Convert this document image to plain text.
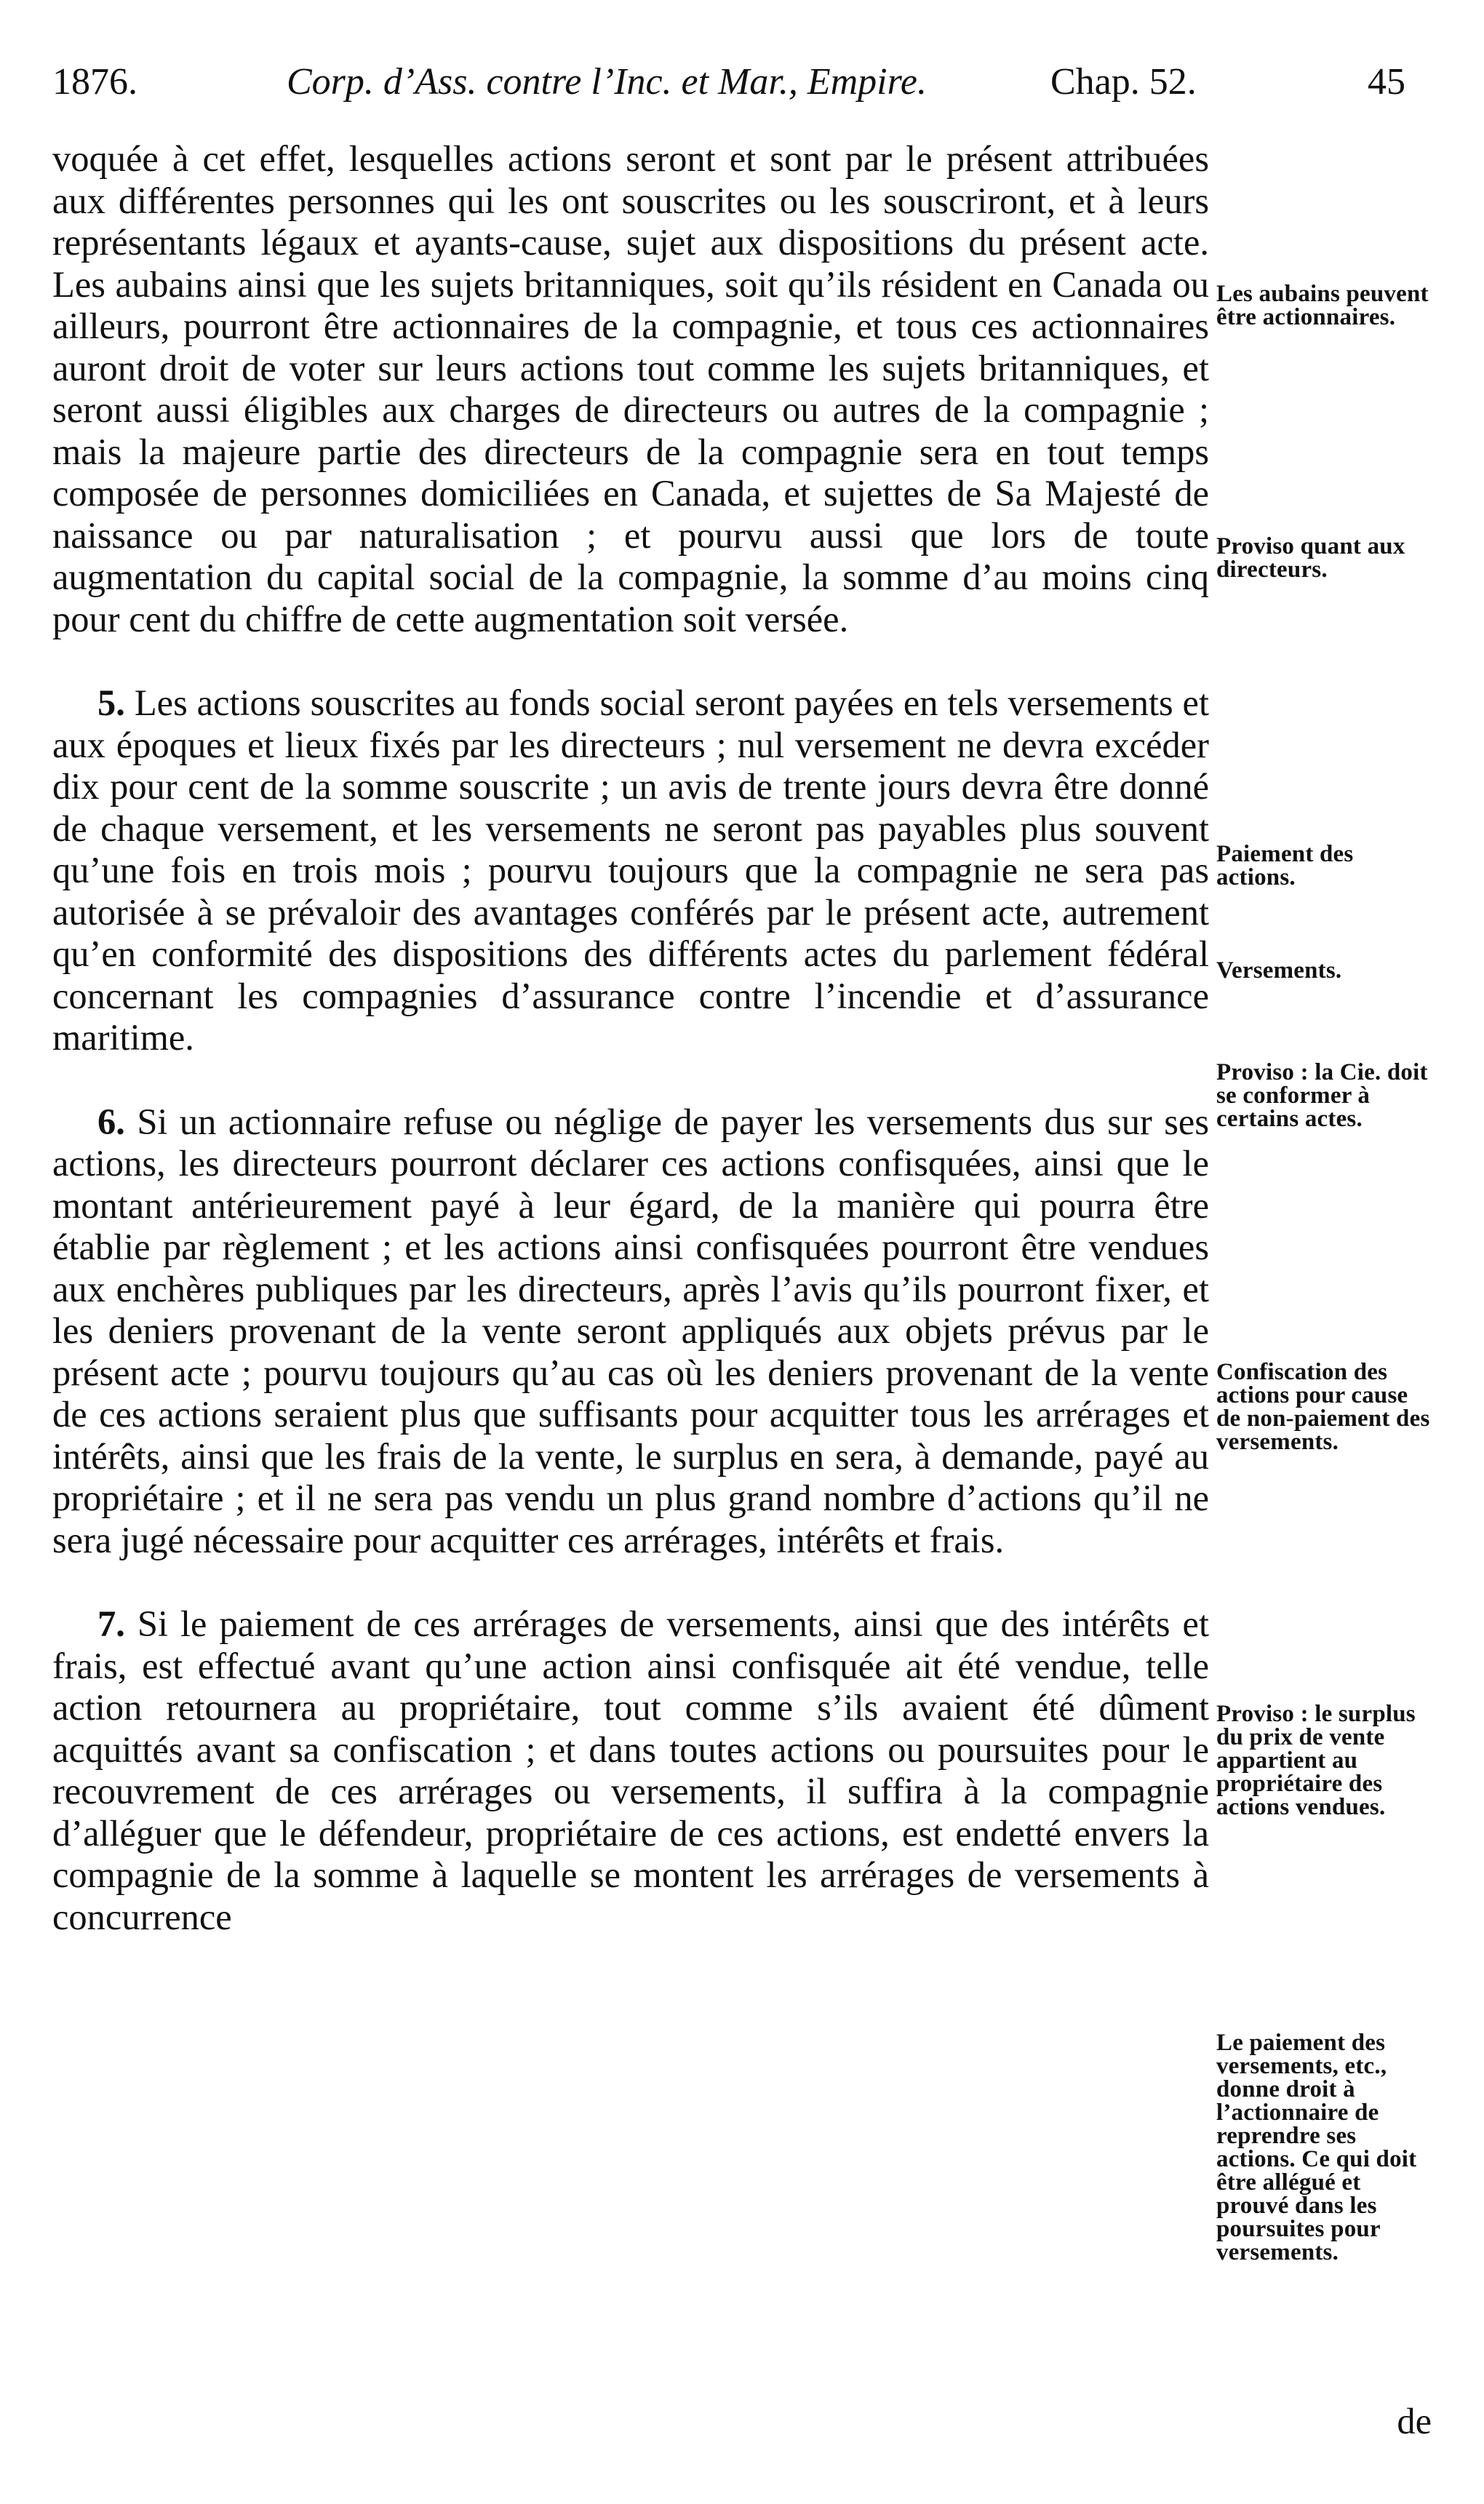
1876.	Corp. d’Ass. contre l’Inc. et Mar., Empire.	Chap. 52.	45

voquée à cet effet, lesquelles actions seront et sont par le présent attribuées aux différentes personnes qui les ont souscrites ou les souscriront, et à leurs représentants légaux et ayants-cause, sujet aux dispositions du présent acte. Les aubains ainsi que les sujets britanniques, soit qu’ils résident en Canada ou ailleurs, pourront être actionnaires de la compagnie, et tous ces actionnaires auront droit de voter sur leurs actions tout comme les sujets britanniques, et seront aussi éligibles aux charges de directeurs ou autres de la compagnie ; mais la majeure partie des directeurs de la compagnie sera en tout temps composée de personnes domiciliées en Canada, et sujettes de Sa Majesté de naissance ou par naturalisation ; et pourvu aussi que lors de toute augmentation du capital social de la compagnie, la somme d’au moins cinq pour cent du chiffre de cette augmentation soit versée.

5. Les actions souscrites au fonds social seront payées en tels versements et aux époques et lieux fixés par les directeurs ; nul versement ne devra excéder dix pour cent de la somme souscrite ; un avis de trente jours devra être donné de chaque versement, et les versements ne seront pas payables plus souvent qu’une fois en trois mois ; pourvu toujours que la compagnie ne sera pas autorisée à se prévaloir des avantages conférés par le présent acte, autrement qu’en conformité des dispositions des différents actes du parlement fédéral concernant les compagnies d’assurance contre l’incendie et d’assurance maritime.

6. Si un actionnaire refuse ou néglige de payer les versements dus sur ses actions, les directeurs pourront déclarer ces actions confisquées, ainsi que le montant antérieurement payé à leur égard, de la manière qui pourra être établie par règlement ; et les actions ainsi confisquées pourront être vendues aux enchères publiques par les directeurs, après l’avis qu’ils pourront fixer, et les deniers provenant de la vente seront appliqués aux objets prévus par le présent acte ; pourvu toujours qu’au cas où les deniers provenant de la vente de ces actions seraient plus que suffisants pour acquitter tous les arrérages et intérêts, ainsi que les frais de la vente, le surplus en sera, à demande, payé au propriétaire ; et il ne sera pas vendu un plus grand nombre d’actions qu’il ne sera jugé nécessaire pour acquitter ces arrérages, intérêts et frais.

7. Si le paiement de ces arrérages de versements, ainsi que des intérêts et frais, est effectué avant qu’une action ainsi confisquée ait été vendue, telle action retournera au propriétaire, tout comme s’ils avaient été dûment acquittés avant sa confiscation ; et dans toutes actions ou poursuites pour le recouvrement de ces arrérages ou versements, il suffira à la compagnie d’alléguer que le défendeur, propriétaire de ces actions, est endetté envers la compagnie de la somme à laquelle se montent les arrérages de versements à concurrence

Les aubains peuvent être actionnaires.
Proviso quant aux directeurs.
Paiement des actions.
Versements.
Proviso : la Cie. doit se conformer à certains actes.
Confiscation des actions pour cause de non-paiement des versements.
Proviso : le surplus du prix de vente appartient au propriétaire des actions vendues.
Le paiement des versements, etc., donne droit à l’actionnaire de reprendre ses actions. Ce qui doit être allégué et prouvé dans les poursuites pour versements.
de
